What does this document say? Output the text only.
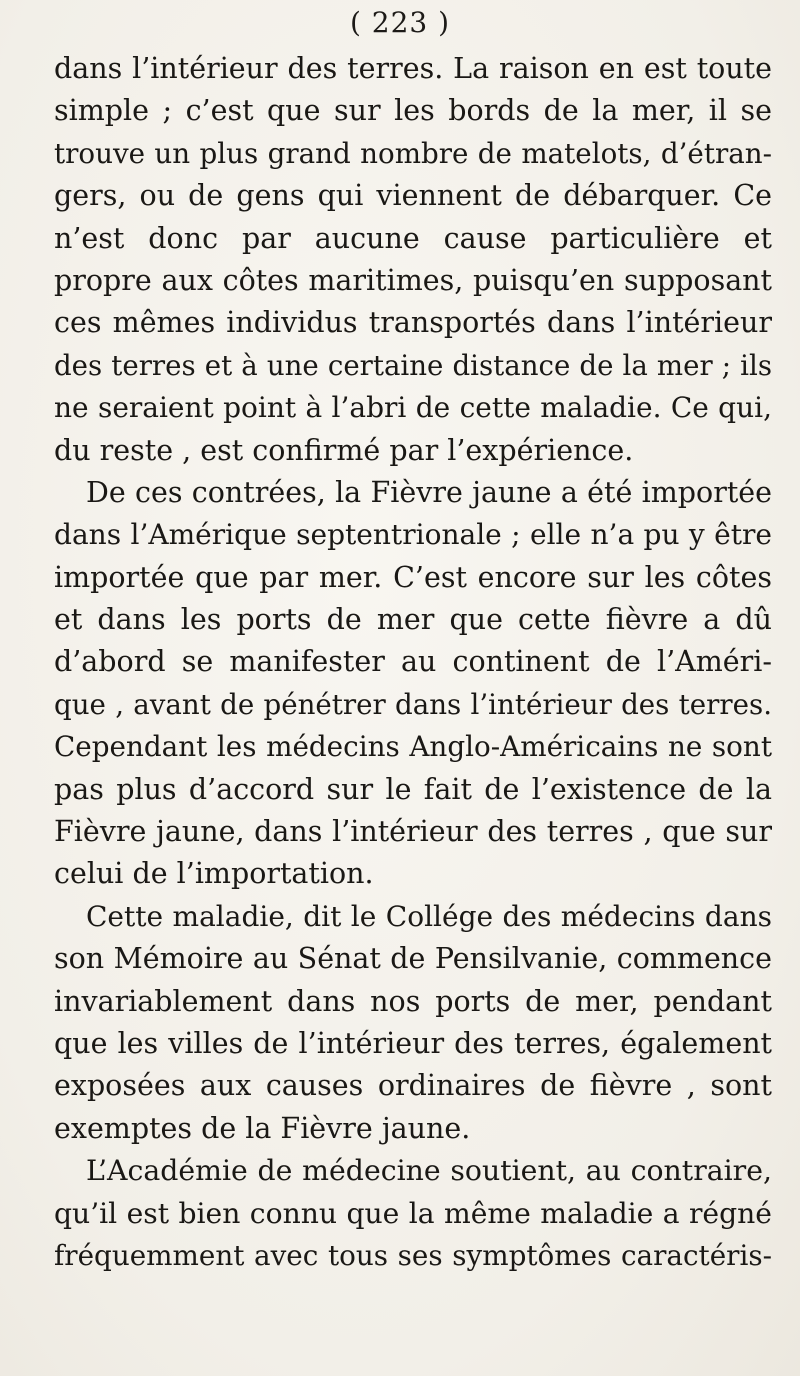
( 223 )
dans l’intérieur des terres. La raison en est toute
simple ; c’est que sur les bords de la mer, il se
trouve un plus grand nombre de matelots, d’étran-
gers, ou de gens qui viennent de débarquer. Ce
n’est donc par aucune cause particulière et
propre aux côtes maritimes, puisqu’en supposant
ces mêmes individus transportés dans l’intérieur
des terres et à une certaine distance de la mer ; ils
ne seraient point à l’abri de cette maladie. Ce qui,
du reste , est confirmé par l’expérience.
De ces contrées, la Fièvre jaune a été importée
dans l’Amérique septentrionale ; elle n’a pu y être
importée que par mer. C’est encore sur les côtes
et dans les ports de mer que cette fièvre a dû
d’abord se manifester au continent de l’Améri-
que , avant de pénétrer dans l’intérieur des terres.
Cependant les médecins Anglo-Américains ne sont
pas plus d’accord sur le fait de l’existence de la
Fièvre jaune, dans l’intérieur des terres , que sur
celui de l’importation.
Cette maladie, dit le Collége des médecins dans
son Mémoire au Sénat de Pensilvanie, commence
invariablement dans nos ports de mer, pendant
que les villes de l’intérieur des terres, également
exposées aux causes ordinaires de fièvre , sont
exemptes de la Fièvre jaune.
L’Académie de médecine soutient, au contraire,
qu’il est bien connu que la même maladie a régné
fréquemment avec tous ses symptômes caractéris-
